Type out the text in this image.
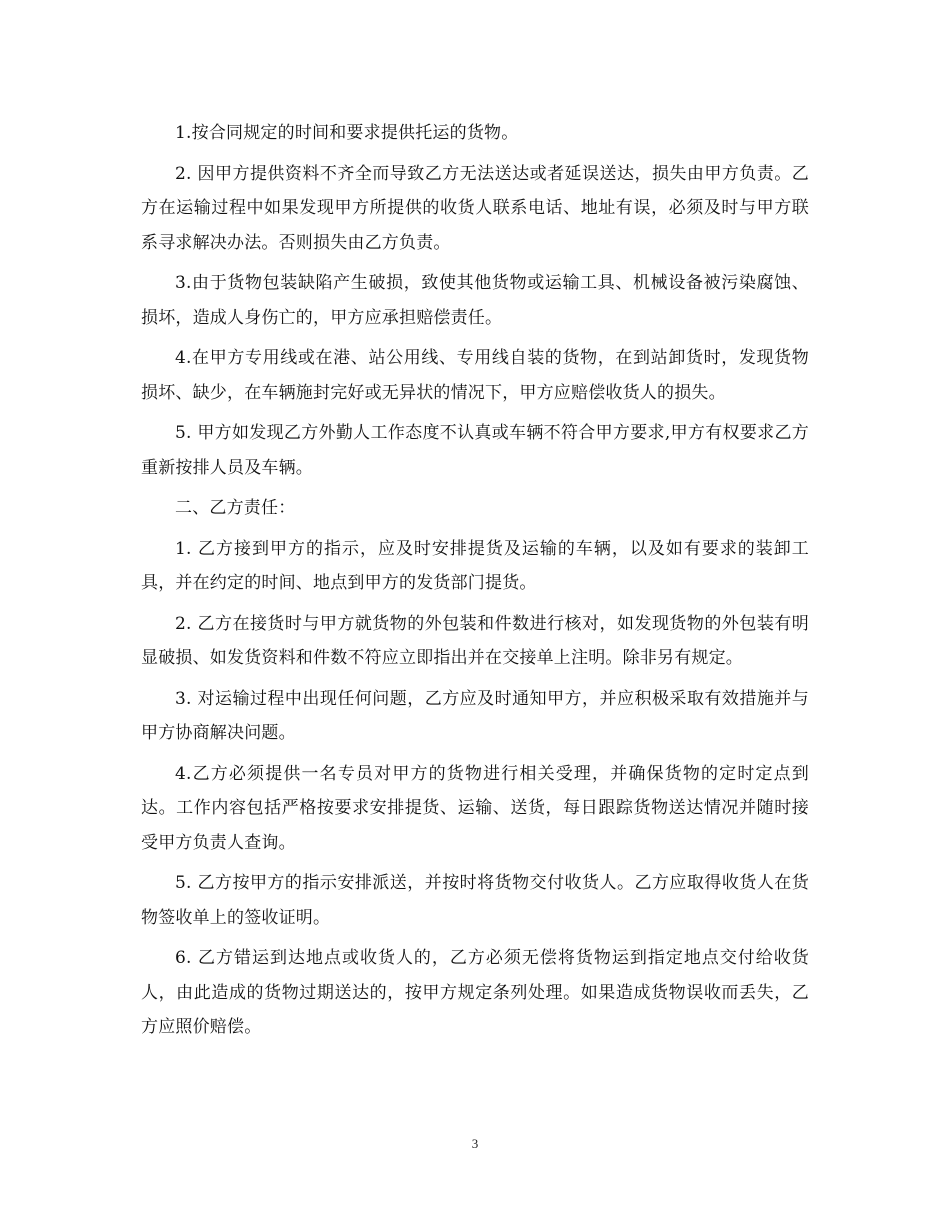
1.按合同规定的时间和要求提供托运的货物。

2. 因甲方提供资料不齐全而导致乙方无法送达或者延误送达，损失由甲方负责。乙方在运输过程中如果发现甲方所提供的收货人联系电话、地址有误，必须及时与甲方联系寻求解决办法。否则损失由乙方负责。

3.由于货物包装缺陷产生破损，致使其他货物或运输工具、机械设备被污染腐蚀、损坏，造成人身伤亡的，甲方应承担赔偿责任。

4.在甲方专用线或在港、站公用线、专用线自装的货物，在到站卸货时，发现货物损坏、缺少，在车辆施封完好或无异状的情况下，甲方应赔偿收货人的损失。

5. 甲方如发现乙方外勤人工作态度不认真或车辆不符合甲方要求,甲方有权要求乙方重新按排人员及车辆。

二、乙方责任：

1. 乙方接到甲方的指示，应及时安排提货及运输的车辆，以及如有要求的装卸工具，并在约定的时间、地点到甲方的发货部门提货。

2. 乙方在接货时与甲方就货物的外包装和件数进行核对，如发现货物的外包装有明显破损、如发货资料和件数不符应立即指出并在交接单上注明。除非另有规定。

3. 对运输过程中出现任何问题，乙方应及时通知甲方，并应积极采取有效措施并与甲方协商解决问题。

4.乙方必须提供一名专员对甲方的货物进行相关受理，并确保货物的定时定点到达。工作内容包括严格按要求安排提货、运输、送货，每日跟踪货物送达情况并随时接受甲方负责人查询。

5. 乙方按甲方的指示安排派送，并按时将货物交付收货人。乙方应取得收货人在货物签收单上的签收证明。

6. 乙方错运到达地点或收货人的，乙方必须无偿将货物运到指定地点交付给收货人，由此造成的货物过期送达的，按甲方规定条列处理。如果造成货物误收而丢失，乙方应照价赔偿。

3
